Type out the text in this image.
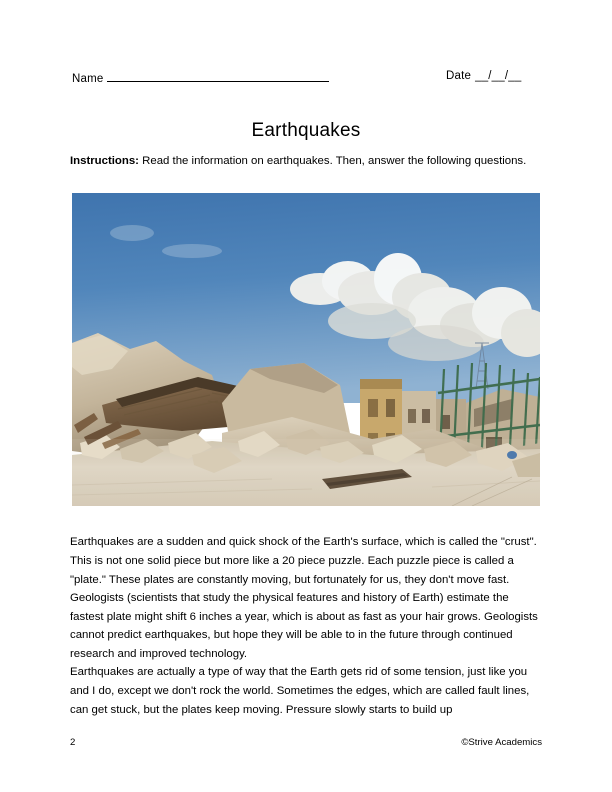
Name	Date __/__/__
Earthquakes

Instructions: Read the information on earthquakes. Then, answer the following questions.

Earthquakes are a sudden and quick shock of the Earth's surface, which is called the "crust". This is not one solid piece but more like a 20 piece puzzle. Each puzzle piece is called a "plate." These plates are constantly moving, but fortunately for us, they don't move fast. Geologists (scientists that study the physical features and history of Earth) estimate the fastest plate might shift 6 inches a year, which is about as fast as your hair grows. Geologists cannot predict earthquakes, but hope they will be able to in the future through continued research and improved technology.

Earthquakes are actually a type of way that the Earth gets rid of some tension, just like you and I do, except we don't rock the world. Sometimes the edges, which are called fault lines, can get stuck, but the plates keep moving. Pressure slowly starts to build up

2	©Strive Academics
